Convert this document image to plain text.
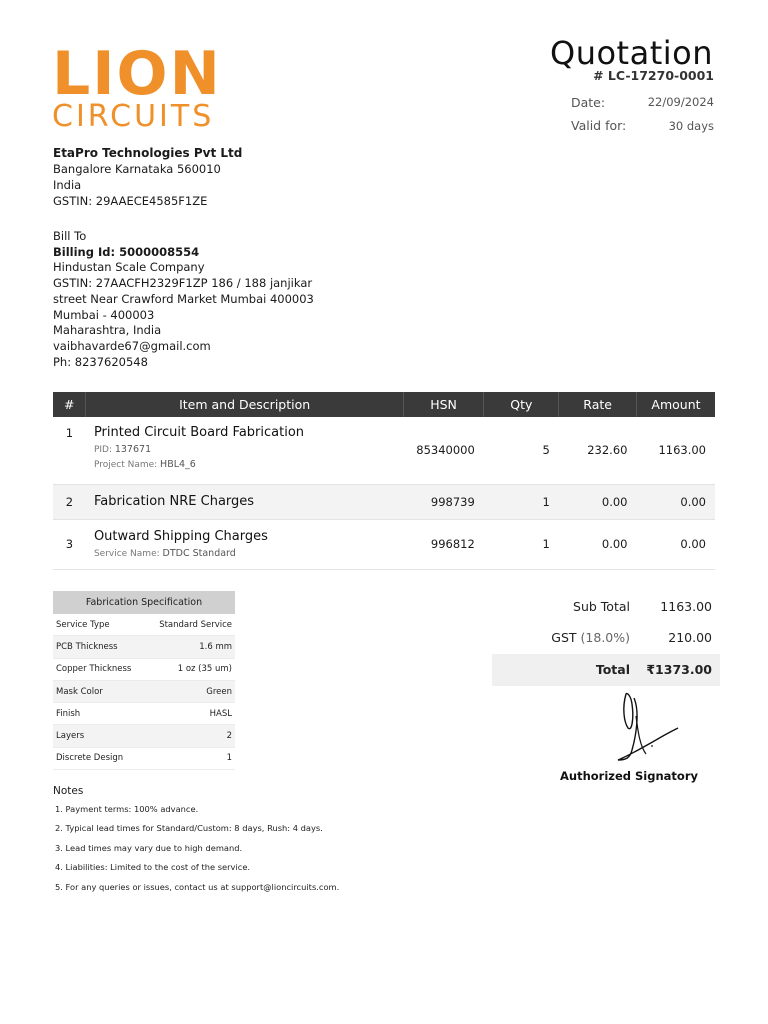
LION
CIRCUITS
Quotation
# LC-17270-0001
Date:	22/09/2024
Valid for:	30 days
EtaPro Technologies Pvt Ltd
Bangalore Karnataka 560010
India
GSTIN: 29AAECE4585F1ZE
Bill To
Billing Id: 5000008554
Hindustan Scale Company
GSTIN: 27AACFH2329F1ZP 186 / 188 janjikar
street Near Crawford Market Mumbai 400003
Mumbai - 400003
Maharashtra, India
vaibhavarde67@gmail.com
Ph: 8237620548
#	Item and Description	HSN	Qty	Rate	Amount
1	Printed Circuit Board Fabrication
PID: 137671
Project Name: HBL4_6	85340000	5	232.60	1163.00
2	Fabrication NRE Charges	998739	1	0.00	0.00
3	Outward Shipping Charges
Service Name: DTDC Standard	996812	1	0.00	0.00
Fabrication Specification	
Service Type	Standard Service
PCB Thickness	1.6 mm
Copper Thickness	1 oz (35 um)
Mask Color	Green
Finish	HASL
Layers	2
Discrete Design	1
Sub Total 1163.00
GST (18.0%)	210.00
Total ₹1373.00
Authorized Signatory
Notes
1. Payment terms: 100% advance.
2. Typical lead times for Standard/Custom: 8 days, Rush: 4 days.
3. Lead times may vary due to high demand.
4. Liabilities: Limited to the cost of the service.
5. For any queries or issues, contact us at support@lioncircuits.com.
